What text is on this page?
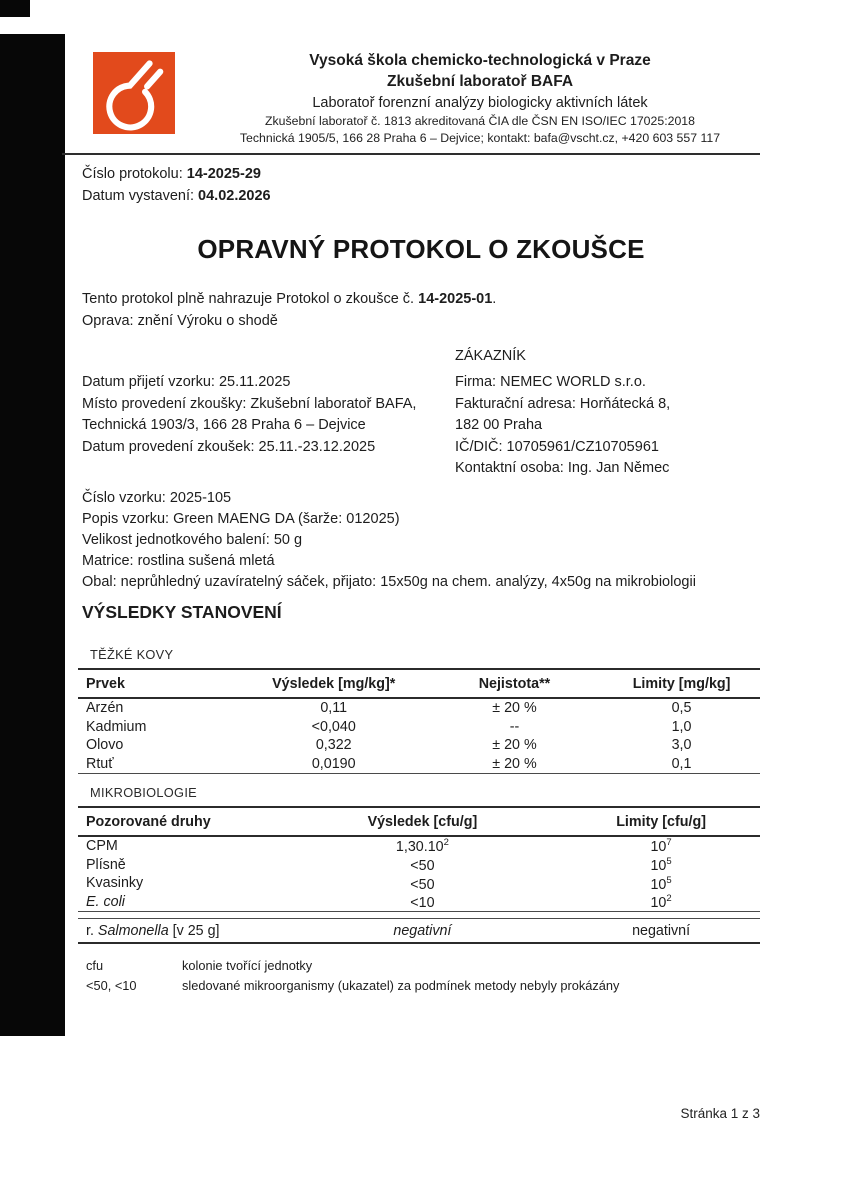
Vysoká škola chemicko-technologická v Praze
Zkušební laboratoř BAFA
Laboratoř forenzní analýzy biologicky aktivních látek
Zkušební laboratoř č. 1813 akreditovaná ČIA dle ČSN EN ISO/IEC 17025:2018
Technická 1905/5, 166 28 Praha 6 – Dejvice; kontakt: bafa@vscht.cz, +420 603 557 117
Číslo protokolu: 14-2025-29
Datum vystavení: 04.02.2026
OPRAVNÝ PROTOKOL O ZKOUŠCE
Tento protokol plně nahrazuje Protokol o zkoušce č. 14-2025-01.
Oprava: znění Výroku o shodě
ZÁKAZNÍK
Datum přijetí vzorku: 25.11.2025
Místo provedení zkoušky: Zkušební laboratoř BAFA,
Technická 1903/3, 166 28 Praha 6 – Dejvice
Datum provedení zkoušek: 25.11.-23.12.2025
Firma: NEMEC WORLD s.r.o.
Fakturační adresa: Horňátecká 8,
182 00 Praha
IČ/DIČ: 10705961/CZ10705961
Kontaktní osoba: Ing. Jan Němec
Číslo vzorku: 2025-105
Popis vzorku: Green MAENG DA (šarže: 012025)
Velikost jednotkového balení: 50 g
Matrice: rostlina sušená mletá
Obal: neprůhledný uzavíratelný sáček, přijato: 15x50g na chem. analýzy, 4x50g na mikrobiologii
VÝSLEDKY STANOVENÍ
TĚŽKÉ KOVY
Prvek	Výsledek [mg/kg]*	Nejistota**	Limity [mg/kg]
Arzén	0,11	± 20 %	0,5
Kadmium	<0,040	--	1,0
Olovo	0,322	± 20 %	3,0
Rtuť	0,0190	± 20 %	0,1
MIKROBIOLOGIE
Pozorované druhy	Výsledek [cfu/g]	Limity [cfu/g]
CPM	1,30.10$^2$	$10^7$
Plísně	<50	$10^5$
Kvasinky	<50	$10^5$
E. coli	<10	$10^2$
r. Salmonella [v 25 g]	negativní	negativní
cfu	kolonie tvořící jednotky
<50, <10	sledované mikroorganismy (ukazatel) za podmínek metody nebyly prokázány
Stránka 1 z 3
